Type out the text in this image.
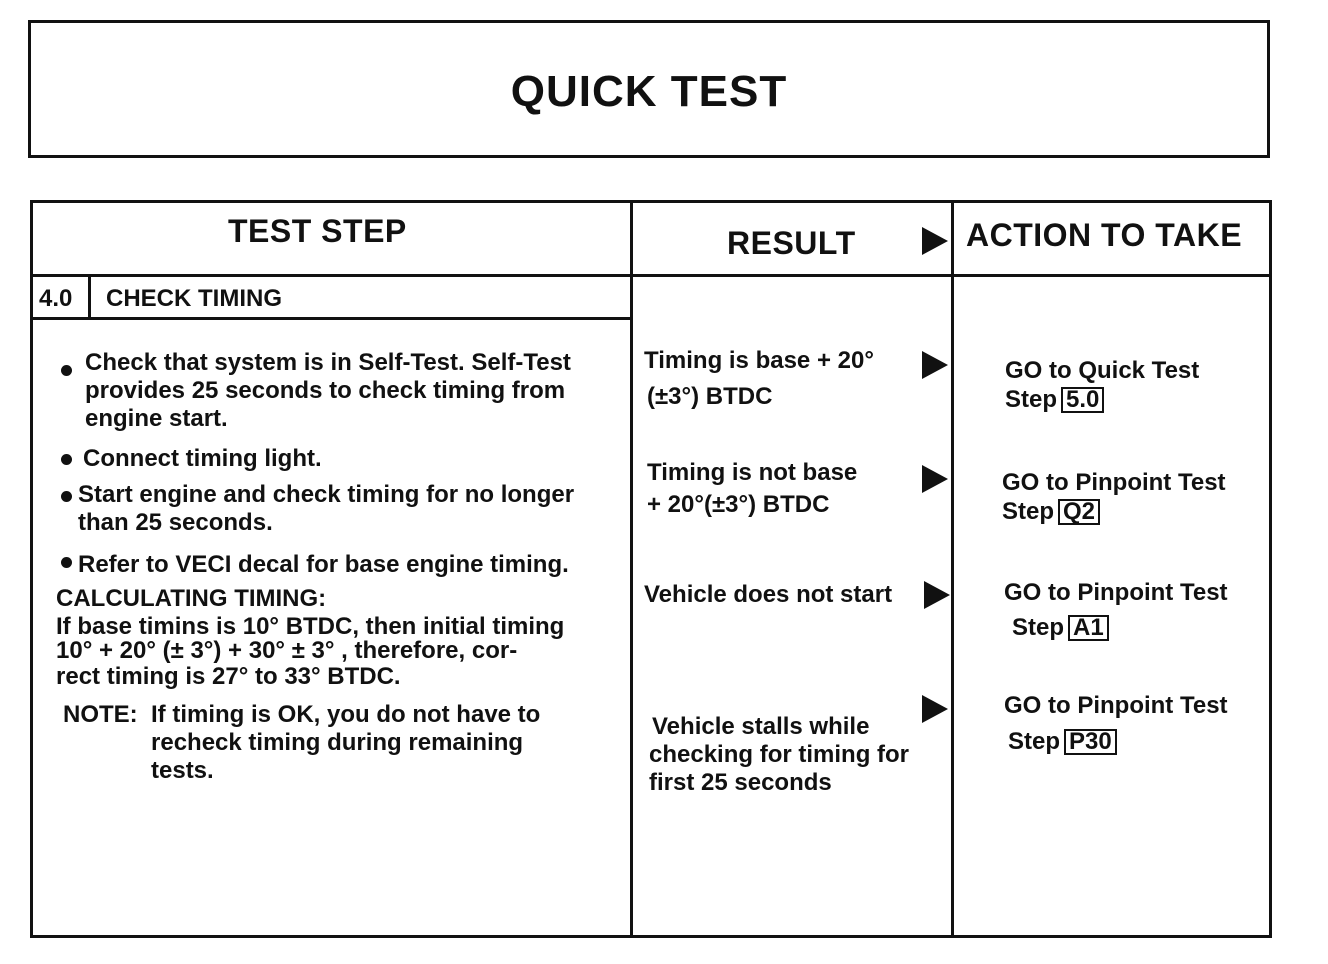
QUICK TEST
TEST STEP	RESULT	ACTION TO TAKE
4.0 CHECK TIMING
Check that system is in Self-Test. Self-Test
provides 25 seconds to check timing from
engine start.
Connect timing light.
Start engine and check timing for no longer
than 25 seconds.
Refer to VECI decal for base engine timing.
CALCULATING TIMING:
If base timins is 10° BTDC, then initial timing
10° + 20° (± 3°) + 30° ± 3° , therefore, cor-
rect timing is 27° to 33° BTDC.
NOTE: If timing is OK, you do not have to
recheck timing during remaining
tests.
Timing is base + 20°
(±3°) BTDC
Timing is not base
+ 20°(±3°) BTDC
Vehicle does not start
Vehicle stalls while
checking for timing for
first 25 seconds
GO to Quick Test
Step 5.0
GO to Pinpoint Test
Step Q2
GO to Pinpoint Test
Step A1
GO to Pinpoint Test
Step P30
